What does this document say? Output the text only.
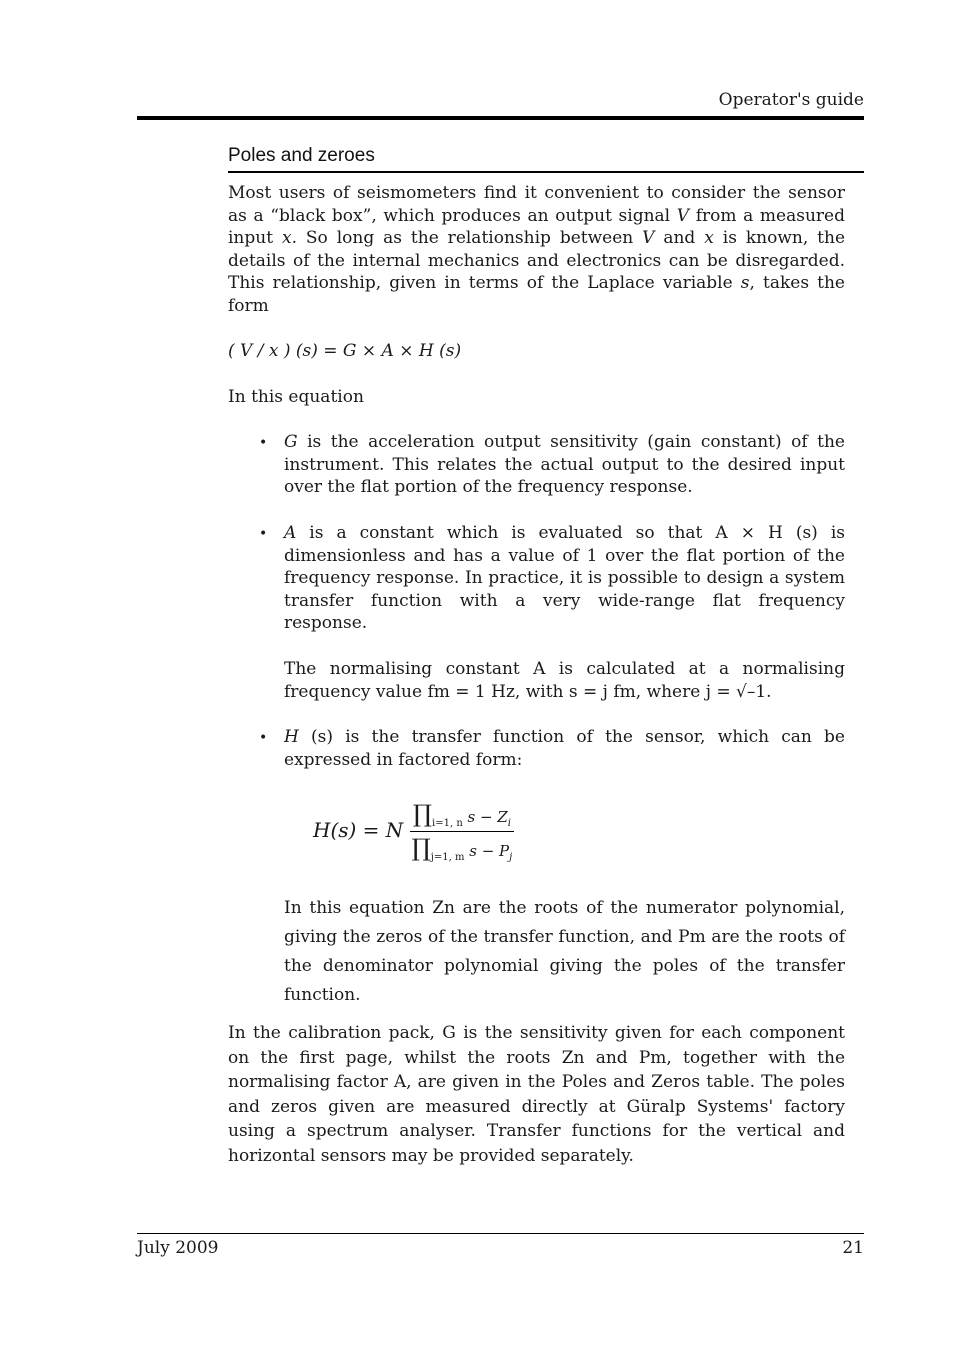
Operator's guide
Poles and zeroes
Most users of seismometers find it convenient to consider the sensor as a “black box”, which produces an output signal V from a measured input x. So long as the relationship between V and x is known, the details of the internal mechanics and electronics can be disregarded. This relationship, given in terms of the Laplace variable s, takes the form
( V / x ) (s) = G × A × H (s)
In this equation
• G is the acceleration output sensitivity (gain constant) of the instrument. This relates the actual output to the desired input over the flat portion of the frequency response.
• A is a constant which is evaluated so that A × H (s) is dimensionless and has a value of 1 over the flat portion of the frequency response. In practice, it is possible to design a system transfer function with a very wide-range flat frequency response.
The normalising constant A is calculated at a normalising frequency value fm = 1 Hz, with s = j fm, where j = √–1.
• H (s) is the transfer function of the sensor, which can be expressed in factored form:
H(s) = N $\frac{\prod_{i=1, n} s - Z_i}{\prod_{j=1, m} s - P_j}$
In this equation Zn are the roots of the numerator polynomial, giving the zeros of the transfer function, and Pm are the roots of the denominator polynomial giving the poles of the transfer function.
In the calibration pack, G is the sensitivity given for each component on the first page, whilst the roots Zn and Pm, together with the normalising factor A, are given in the Poles and Zeros table. The poles and zeros given are measured directly at Güralp Systems' factory using a spectrum analyser. Transfer functions for the vertical and horizontal sensors may be provided separately.
July 2009	21
